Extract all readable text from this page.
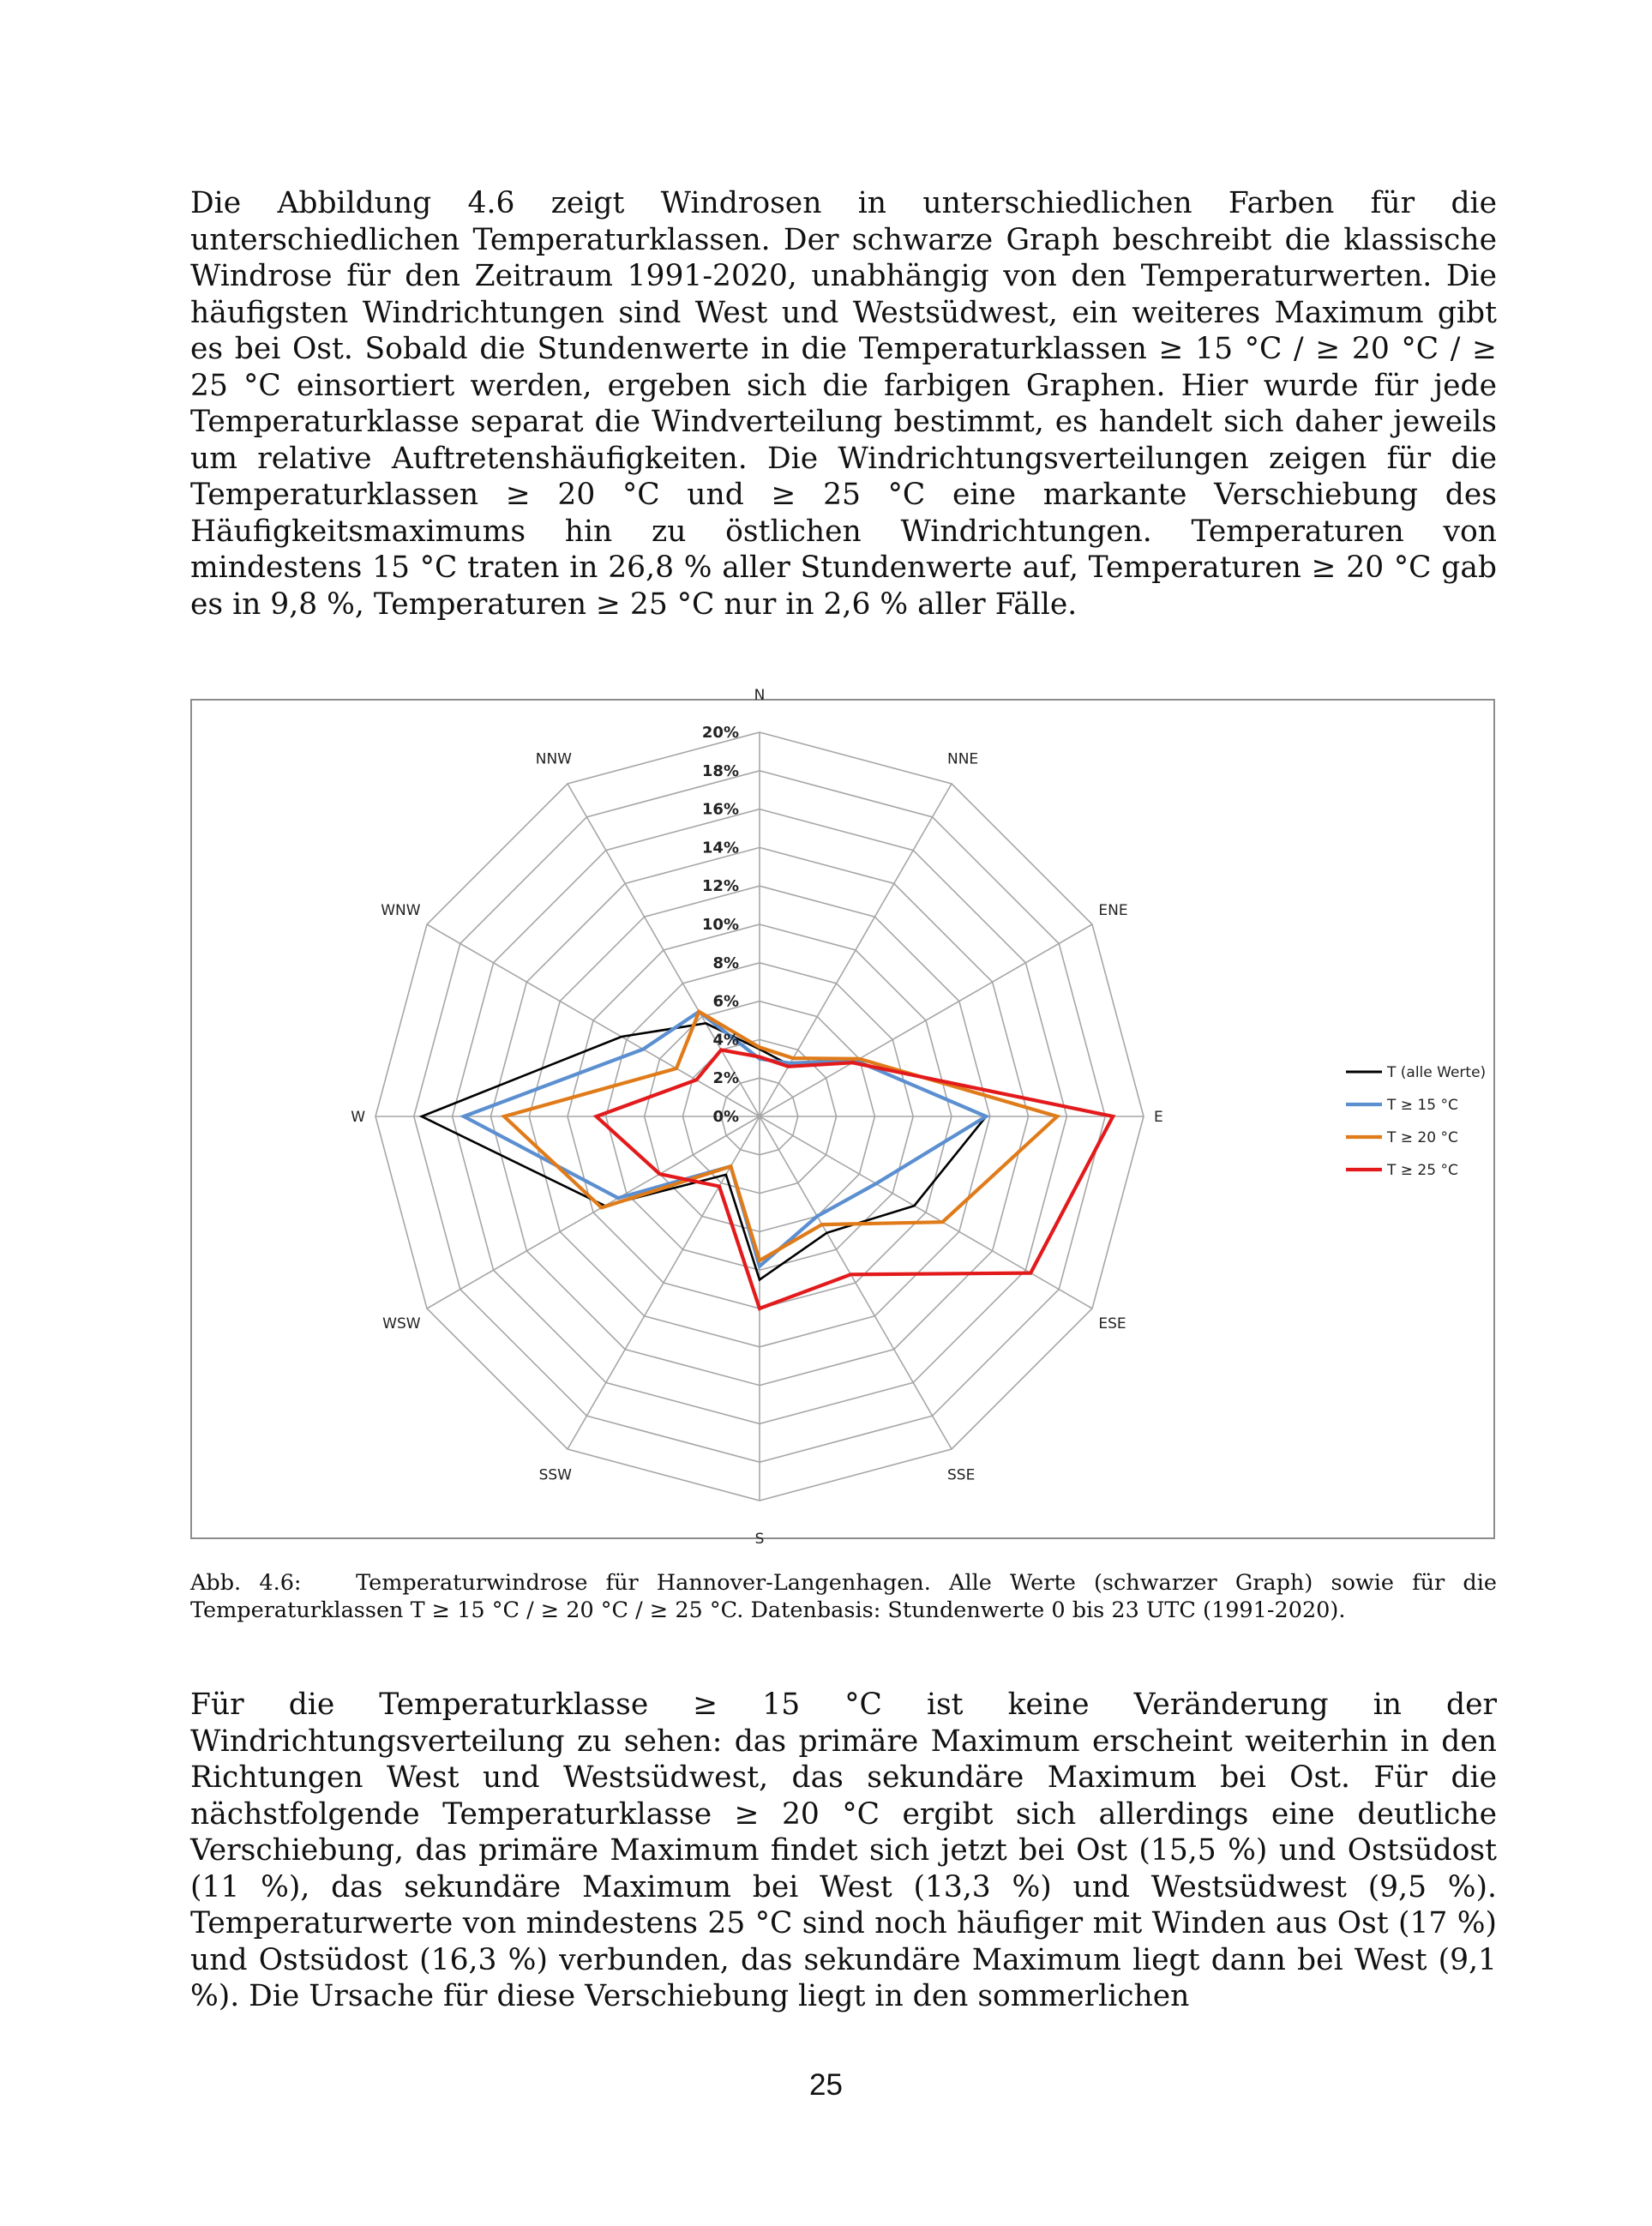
Die Abbildung 4.6 zeigt Windrosen in unterschiedlichen Farben für die unterschiedlichen Temperaturklassen. Der schwarze Graph beschreibt die klassische Windrose für den Zeitraum 1991-2020, unabhängig von den Temperaturwerten. Die häufigsten Windrichtungen sind West und Westsüdwest, ein weiteres Maximum gibt es bei Ost. Sobald die Stundenwerte in die Temperaturklassen ≥ 15 °C / ≥ 20 °C / ≥ 25 °C einsortiert werden, ergeben sich die farbigen Graphen. Hier wurde für jede Temperaturklasse separat die Windverteilung bestimmt, es handelt sich daher jeweils um relative Auftretenshäufigkeiten. Die Windrichtungsverteilungen zeigen für die Temperaturklassen ≥ 20 °C und ≥ 25 °C eine markante Verschiebung des Häufigkeitsmaximums hin zu östlichen Windrichtungen. Temperaturen von mindestens 15 °C traten in 26,8 % aller Stundenwerte auf, Temperaturen ≥ 20 °C gab es in 9,8 %, Temperaturen ≥ 25 °C nur in 2,6 % aller Fälle.

0%
2%
4%
6%
8%
10%
12%
14%
16%
18%
20%
N
NNE
ENE
E
ESE
SSE
S
SSW
WSW
W
WNW
NNW
T (alle Werte)
T ≥ 15 °C
T ≥ 20 °C
T ≥ 25 °C

Abb. 4.6:   Temperaturwindrose für Hannover-Langenhagen. Alle Werte (schwarzer Graph) sowie für die Temperaturklassen T ≥ 15 °C / ≥ 20 °C / ≥ 25 °C. Datenbasis: Stundenwerte 0 bis 23 UTC (1991-2020).

Für die Temperaturklasse ≥ 15 °C ist keine Veränderung in der Windrichtungsverteilung zu sehen: das primäre Maximum erscheint weiterhin in den Richtungen West und Westsüdwest, das sekundäre Maximum bei Ost. Für die nächstfolgende Temperaturklasse ≥ 20 °C ergibt sich allerdings eine deutliche Verschiebung, das primäre Maximum findet sich jetzt bei Ost (15,5 %) und Ostsüdost (11 %), das sekundäre Maximum bei West (13,3 %) und Westsüdwest (9,5 %). Temperaturwerte von mindestens 25 °C sind noch häufiger mit Winden aus Ost (17 %) und Ostsüdost (16,3 %) verbunden, das sekundäre Maximum liegt dann bei West (9,1 %). Die Ursache für diese Verschiebung liegt in den sommerlichen

25
